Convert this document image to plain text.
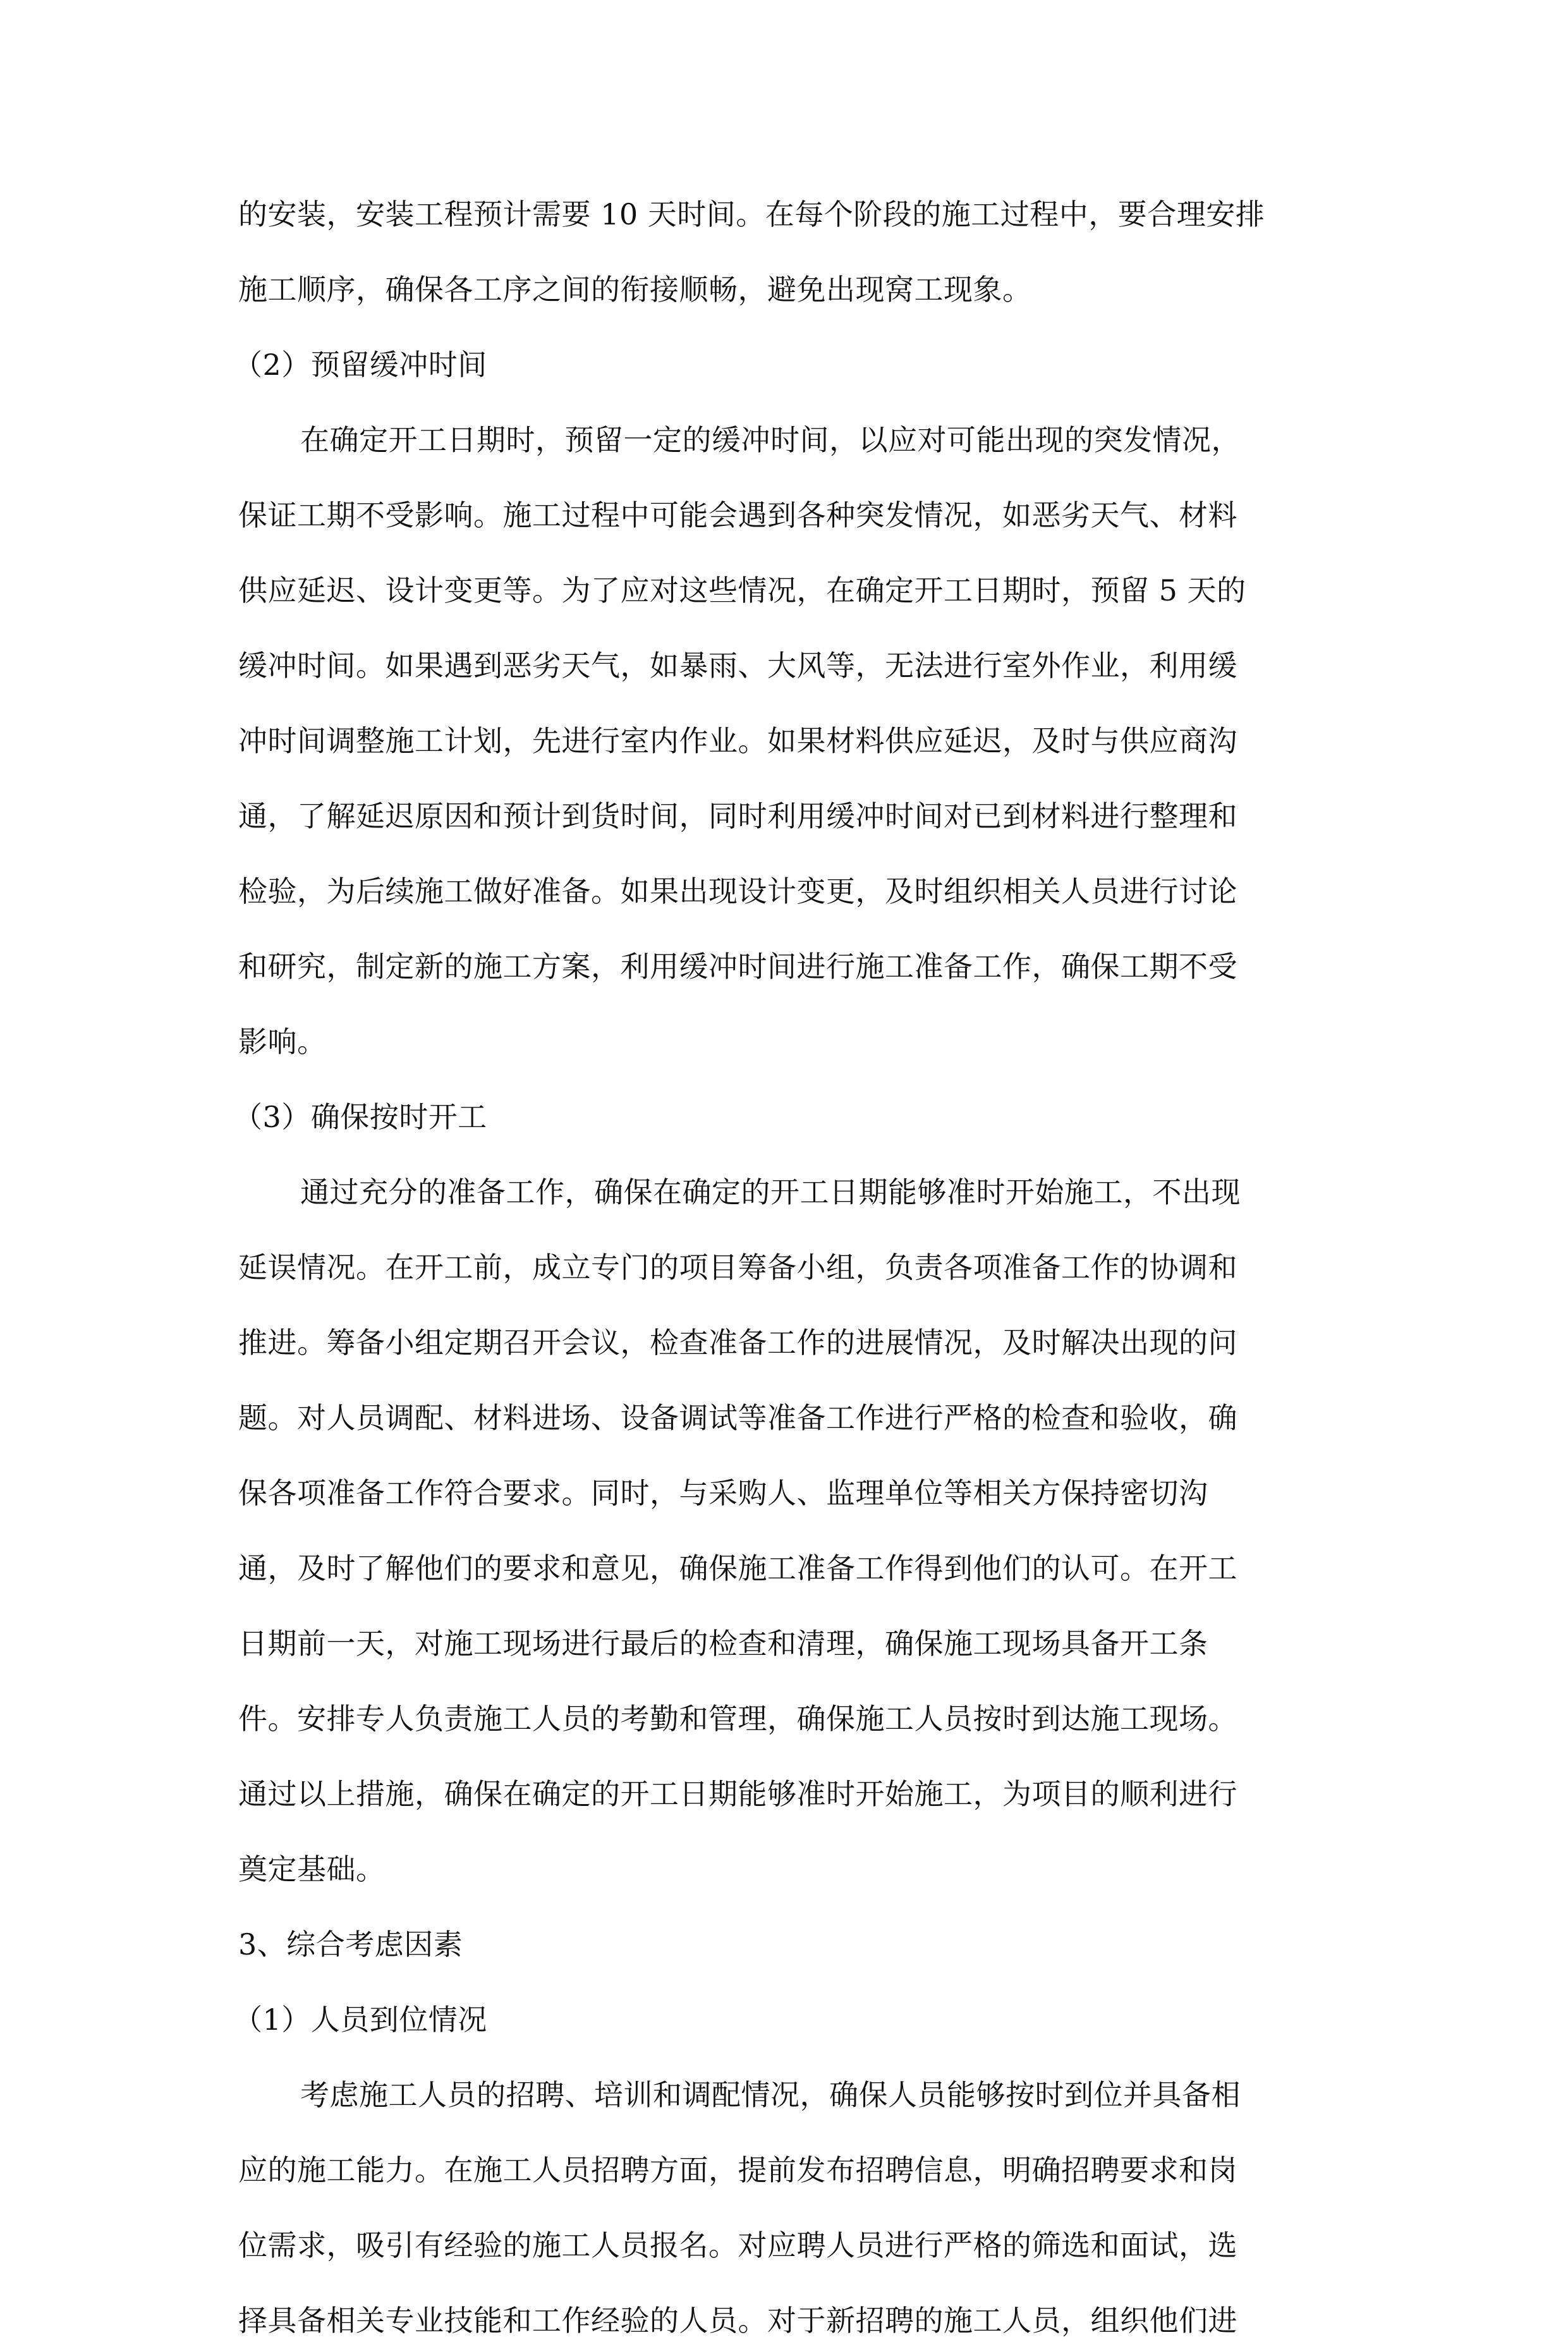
的安装，安装工程预计需要 10 天时间。在每个阶段的施工过程中，要合理安排
施工顺序，确保各工序之间的衔接顺畅，避免出现窝工现象。
（2）预留缓冲时间
在确定开工日期时，预留一定的缓冲时间，以应对可能出现的突发情况，
保证工期不受影响。施工过程中可能会遇到各种突发情况，如恶劣天气、材料
供应延迟、设计变更等。为了应对这些情况，在确定开工日期时，预留 5 天的
缓冲时间。如果遇到恶劣天气，如暴雨、大风等，无法进行室外作业，利用缓
冲时间调整施工计划，先进行室内作业。如果材料供应延迟，及时与供应商沟
通，了解延迟原因和预计到货时间，同时利用缓冲时间对已到材料进行整理和
检验，为后续施工做好准备。如果出现设计变更，及时组织相关人员进行讨论
和研究，制定新的施工方案，利用缓冲时间进行施工准备工作，确保工期不受
影响。
（3）确保按时开工
通过充分的准备工作，确保在确定的开工日期能够准时开始施工，不出现
延误情况。在开工前，成立专门的项目筹备小组，负责各项准备工作的协调和
推进。筹备小组定期召开会议，检查准备工作的进展情况，及时解决出现的问
题。对人员调配、材料进场、设备调试等准备工作进行严格的检查和验收，确
保各项准备工作符合要求。同时，与采购人、监理单位等相关方保持密切沟
通，及时了解他们的要求和意见，确保施工准备工作得到他们的认可。在开工
日期前一天，对施工现场进行最后的检查和清理，确保施工现场具备开工条
件。安排专人负责施工人员的考勤和管理，确保施工人员按时到达施工现场。
通过以上措施，确保在确定的开工日期能够准时开始施工，为项目的顺利进行
奠定基础。
3、综合考虑因素
（1）人员到位情况
考虑施工人员的招聘、培训和调配情况，确保人员能够按时到位并具备相
应的施工能力。在施工人员招聘方面，提前发布招聘信息，明确招聘要求和岗
位需求，吸引有经验的施工人员报名。对应聘人员进行严格的筛选和面试，选
择具备相关专业技能和工作经验的人员。对于新招聘的施工人员，组织他们进
